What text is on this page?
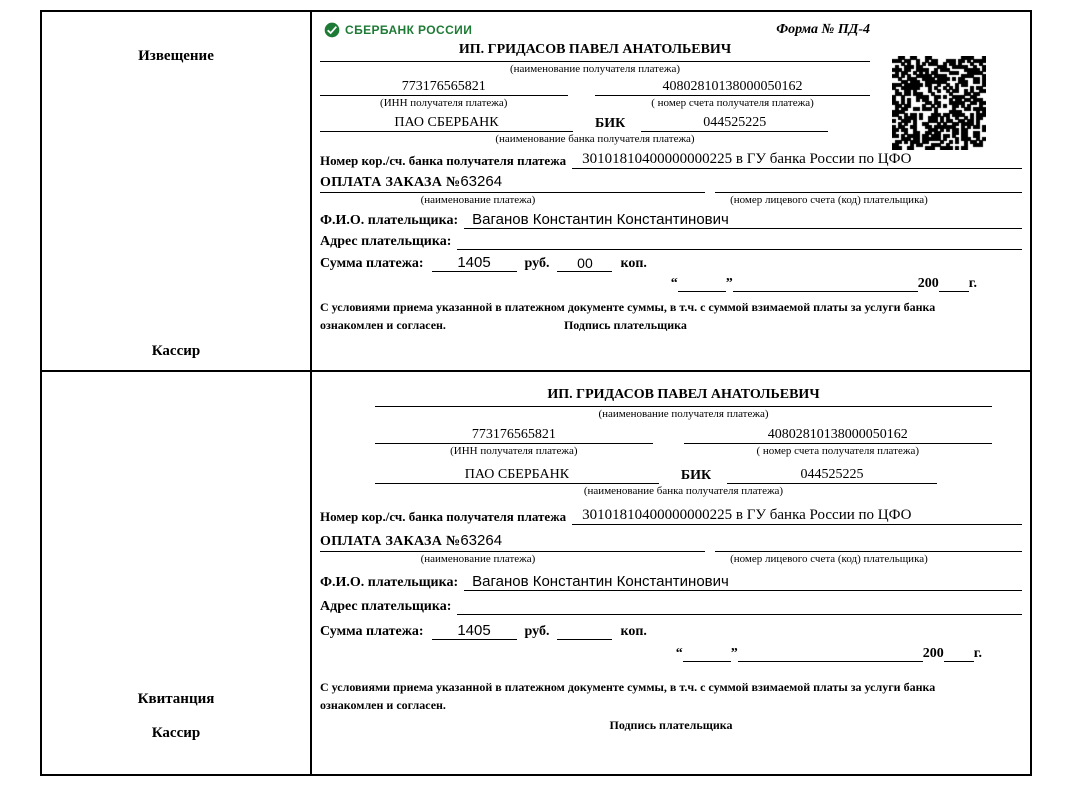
Извещение
Кассир
СБЕРБАНК РОССИИ	Форма № ПД-4
ИП. ГРИДАСОВ ПАВЕЛ АНАТОЛЬЕВИЧ
(наименование получателя платежа)
773176565821	40802810138000050162
(ИНН получателя платежа)	( номер счета получателя платежа)
ПАО СБЕРБАНК	БИК	044525225
(наименование банка получателя платежа)
Номер кор./сч. банка получателя платежа	30101810400000000225 в ГУ банка России по ЦФО
ОПЛАТА ЗАКАЗА №63264
(наименование платежа)	(номер лицевого счета (код) плательщика)
Ф.И.О. плательщика: Ваганов Константин Константинович
Адрес плательщика:
Сумма платежа:	1405	руб.	00	коп.
“	”	200 г.
С условиями приема указанной в платежном документе суммы, в т.ч. с суммой взимаемой платы за услуги банка
ознакомлен и согласен.	Подпись плательщика
Квитанция
Кассир
ИП. ГРИДАСОВ ПАВЕЛ АНАТОЛЬЕВИЧ
(наименование получателя платежа)
773176565821	40802810138000050162
(ИНН получателя платежа)	( номер счета получателя платежа)
ПАО СБЕРБАНК	БИК	044525225
(наименование банка получателя платежа)
Номер кор./сч. банка получателя платежа	30101810400000000225 в ГУ банка России по ЦФО
ОПЛАТА ЗАКАЗА №63264
(наименование платежа)	(номер лицевого счета (код) плательщика)
Ф.И.О. плательщика: Ваганов Константин Константинович
Адрес плательщика:
Сумма платежа:	1405	руб.	коп.
“	”	200 г.
С условиями приема указанной в платежном документе суммы, в т.ч. с суммой взимаемой платы за услуги банка
ознакомлен и согласен.
Подпись плательщика
